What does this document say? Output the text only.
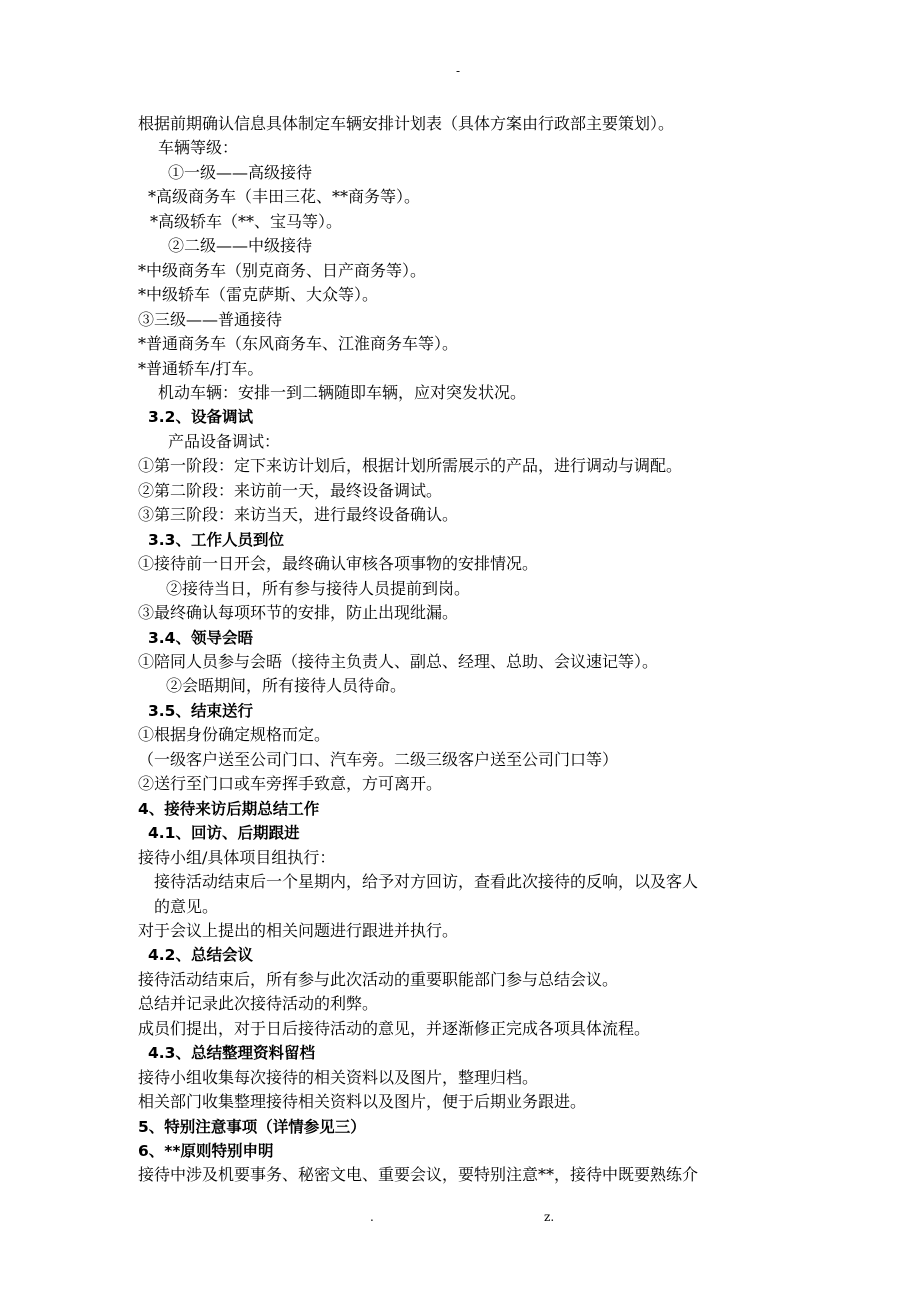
-
根据前期确认信息具体制定车辆安排计划表（具体方案由行政部主要策划）。
车辆等级：
①一级——高级接待
*高级商务车（丰田三花、**商务等）。
*高级轿车（**、宝马等）。
②二级——中级接待
*中级商务车（别克商务、日产商务等）。
*中级轿车（雷克萨斯、大众等）。
③三级——普通接待
*普通商务车（东风商务车、江淮商务车等）。
*普通轿车/打车。
机动车辆：安排一到二辆随即车辆，应对突发状况。
3.2、设备调试
产品设备调试：
①第一阶段：定下来访计划后，根据计划所需展示的产品，进行调动与调配。
②第二阶段：来访前一天，最终设备调试。
③第三阶段：来访当天，进行最终设备确认。
3.3、工作人员到位
①接待前一日开会，最终确认审核各项事物的安排情况。
②接待当日，所有参与接待人员提前到岗。
③最终确认每项环节的安排，防止出现纰漏。
3.4、领导会晤
①陪同人员参与会晤（接待主负责人、副总、经理、总助、会议速记等）。
②会晤期间，所有接待人员待命。
3.5、结束送行
①根据身份确定规格而定。
（一级客户送至公司门口、汽车旁。二级三级客户送至公司门口等）
②送行至门口或车旁挥手致意，方可离开。
4、接待来访后期总结工作
4.1、回访、后期跟进
接待小组/具体项目组执行：
接待活动结束后一个星期内，给予对方回访，查看此次接待的反响，以及客人
的意见。
对于会议上提出的相关问题进行跟进并执行。
4.2、总结会议
接待活动结束后，所有参与此次活动的重要职能部门参与总结会议。
总结并记录此次接待活动的利弊。
成员们提出，对于日后接待活动的意见，并逐渐修正完成各项具体流程。
4.3、总结整理资料留档
接待小组收集每次接待的相关资料以及图片，整理归档。
相关部门收集整理接待相关资料以及图片，便于后期业务跟进。
5、特别注意事项（详情参见三）
6、**原则特别申明
接待中涉及机要事务、秘密文电、重要会议，要特别注意**，接待中既要熟练介
.	z.
